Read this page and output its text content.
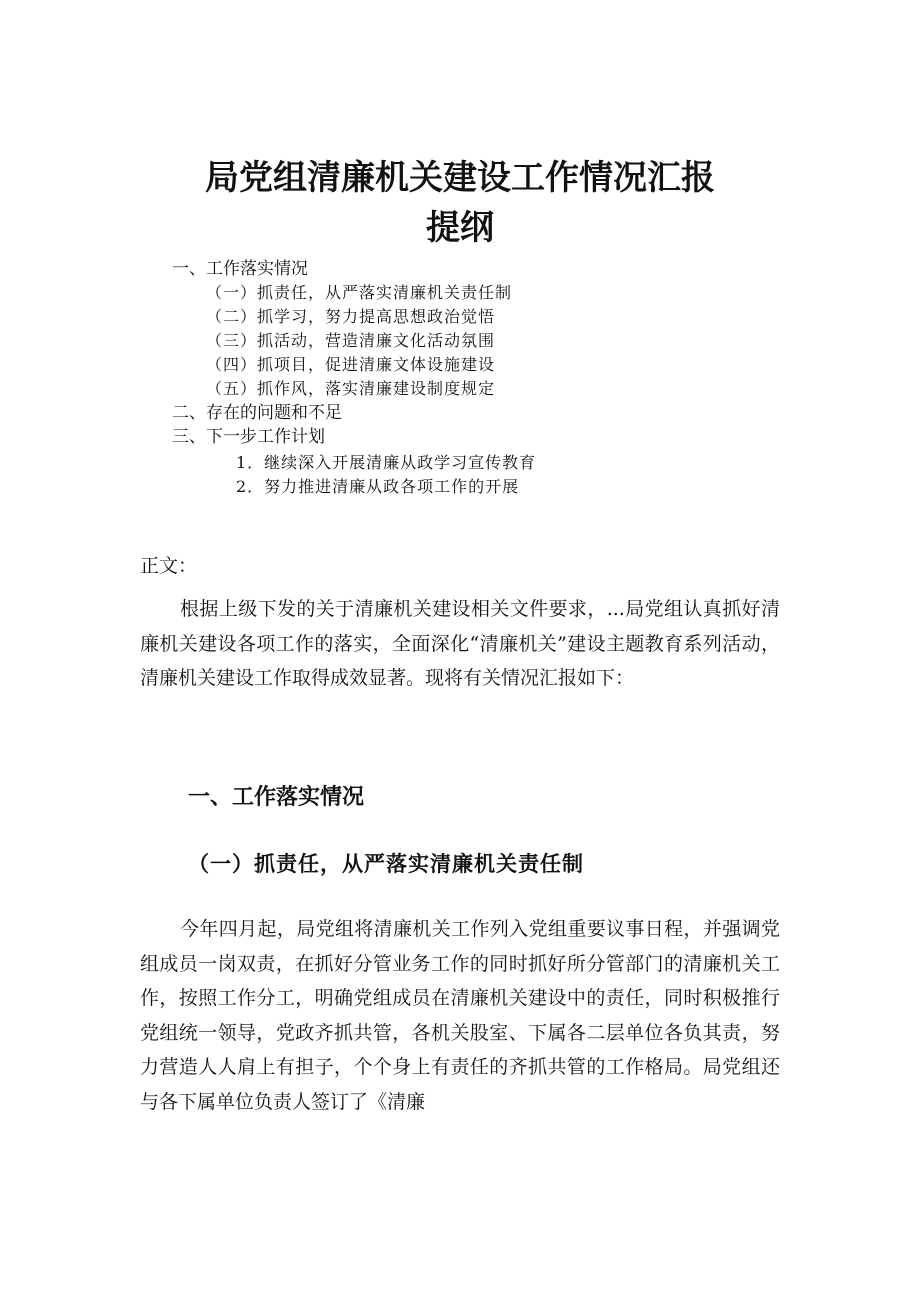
局党组清廉机关建设工作情况汇报
提纲
一、工作落实情况
（一）抓责任，从严落实清廉机关责任制
（二）抓学习，努力提高思想政治觉悟
（三）抓活动，营造清廉文化活动氛围
（四）抓项目，促进清廉文体设施建设
（五）抓作风，落实清廉建设制度规定
二、存在的问题和不足
三、下一步工作计划
1．继续深入开展清廉从政学习宣传教育
2．努力推进清廉从政各项工作的开展
正文：

根据上级下发的关于清廉机关建设相关文件要求，...局党组认真抓好清廉机关建设各项工作的落实，全面深化“清廉机关”建设主题教育系列活动，清廉机关建设工作取得成效显著。现将有关情况汇报如下：

一、工作落实情况
（一）抓责任，从严落实清廉机关责任制

今年四月起，局党组将清廉机关工作列入党组重要议事日程，并强调党组成员一岗双责，在抓好分管业务工作的同时抓好所分管部门的清廉机关工作，按照工作分工，明确党组成员在清廉机关建设中的责任，同时积极推行党组统一领导，党政齐抓共管，各机关股室、下属各二层单位各负其责，努力营造人人肩上有担子，个个身上有责任的齐抓共管的工作格局。局党组还与各下属单位负责人签订了《清廉
